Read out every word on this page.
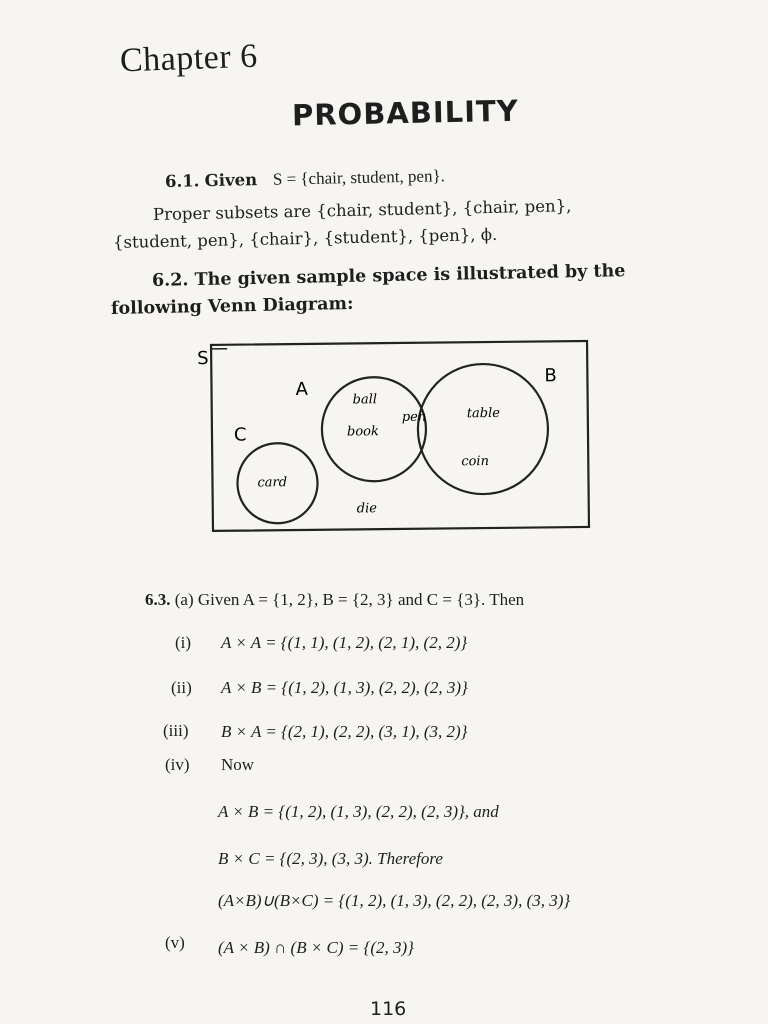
Chapter 6
PROBABILITY
6.1. Given S = {chair, student, pen}.
Proper subsets are {chair, student}, {chair, pen},
{student, pen}, {chair}, {student}, {pen}, ϕ.
6.2. The given sample space is illustrated by the
following Venn Diagram:
S
A
B
C
ball
book
pen	table
coin
card
die
6.3. (a) Given A = {1, 2}, B = {2, 3} and C = {3}. Then
(i) A × A = {(1, 1), (1, 2), (2, 1), (2, 2)}
(ii) A × B = {(1, 2), (1, 3), (2, 2), (2, 3)}
(iii) B × A = {(2, 1), (2, 2), (3, 1), (3, 2)}
(iv) Now
A × B = {(1, 2), (1, 3), (2, 2), (2, 3)}, and
B × C = {(2, 3), (3, 3). Therefore
(A×B)∪(B×C) = {(1, 2), (1, 3), (2, 2), (2, 3), (3, 3)}
(v) (A × B) ∩ (B × C) = {(2, 3)}
116
